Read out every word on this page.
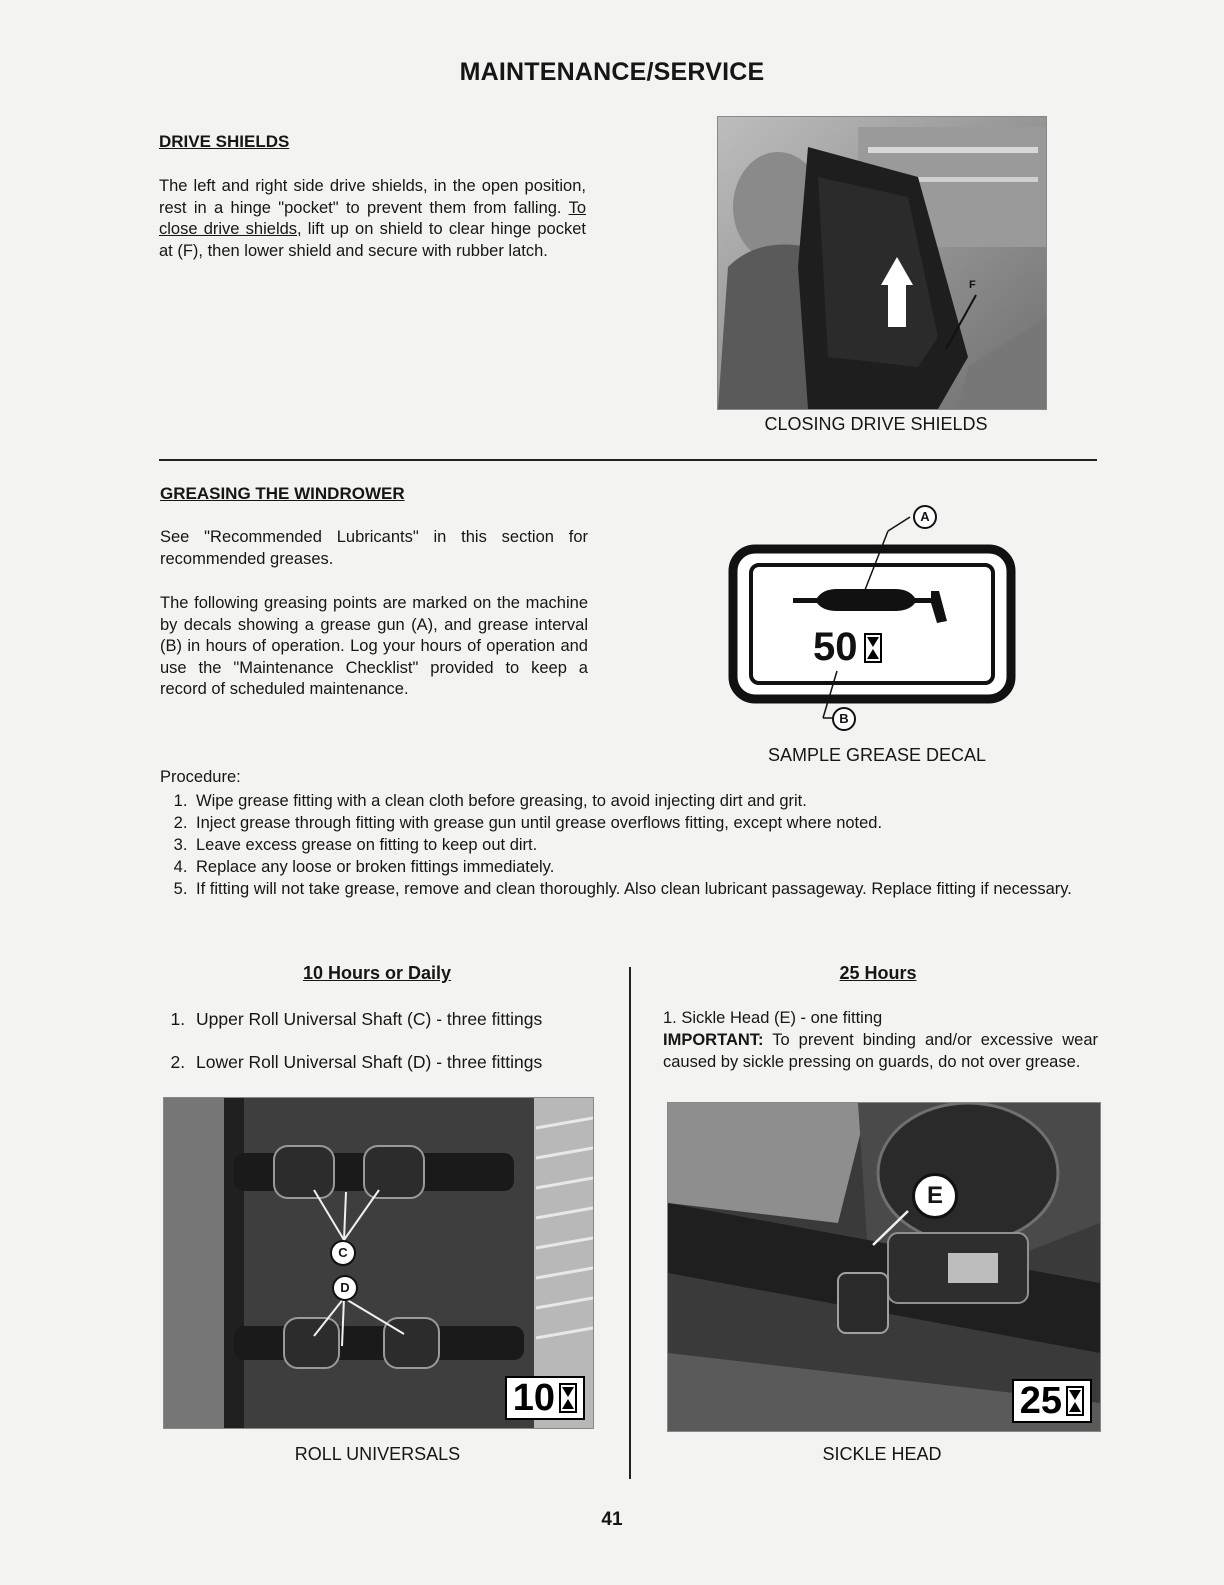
MAINTENANCE/SERVICE
DRIVE SHIELDS
The left and right side drive shields, in the open position, rest in a hinge "pocket" to prevent them from falling. To close drive shields, lift up on shield to clear hinge pocket at (F), then lower shield and secure with rubber latch.
F
CLOSING DRIVE SHIELDS
GREASING THE WINDROWER
See "Recommended Lubricants" in this section for recommended greases.
The following greasing points are marked on the machine by decals showing a grease gun (A), and grease interval (B) in hours of operation. Log your hours of operation and use the "Maintenance Checklist" provided to keep a record of scheduled maintenance.
A
B
50
SAMPLE GREASE DECAL
Procedure:
1. Wipe grease fitting with a clean cloth before greasing, to avoid injecting dirt and grit.
2. Inject grease through fitting with grease gun until grease overflows fitting, except where noted.
3. Leave excess grease on fitting to keep out dirt.
4. Replace any loose or broken fittings immediately.
5. If fitting will not take grease, remove and clean thoroughly. Also clean lubricant passageway. Replace fitting if necessary.
10 Hours or Daily
1. Upper Roll Universal Shaft (C) - three fittings
2. Lower Roll Universal Shaft (D) - three fittings
C
D
10
ROLL UNIVERSALS
25 Hours
1. Sickle Head (E) - one fitting
IMPORTANT: To prevent binding and/or excessive wear caused by sickle pressing on guards, do not over grease.
E
25
SICKLE HEAD
41
